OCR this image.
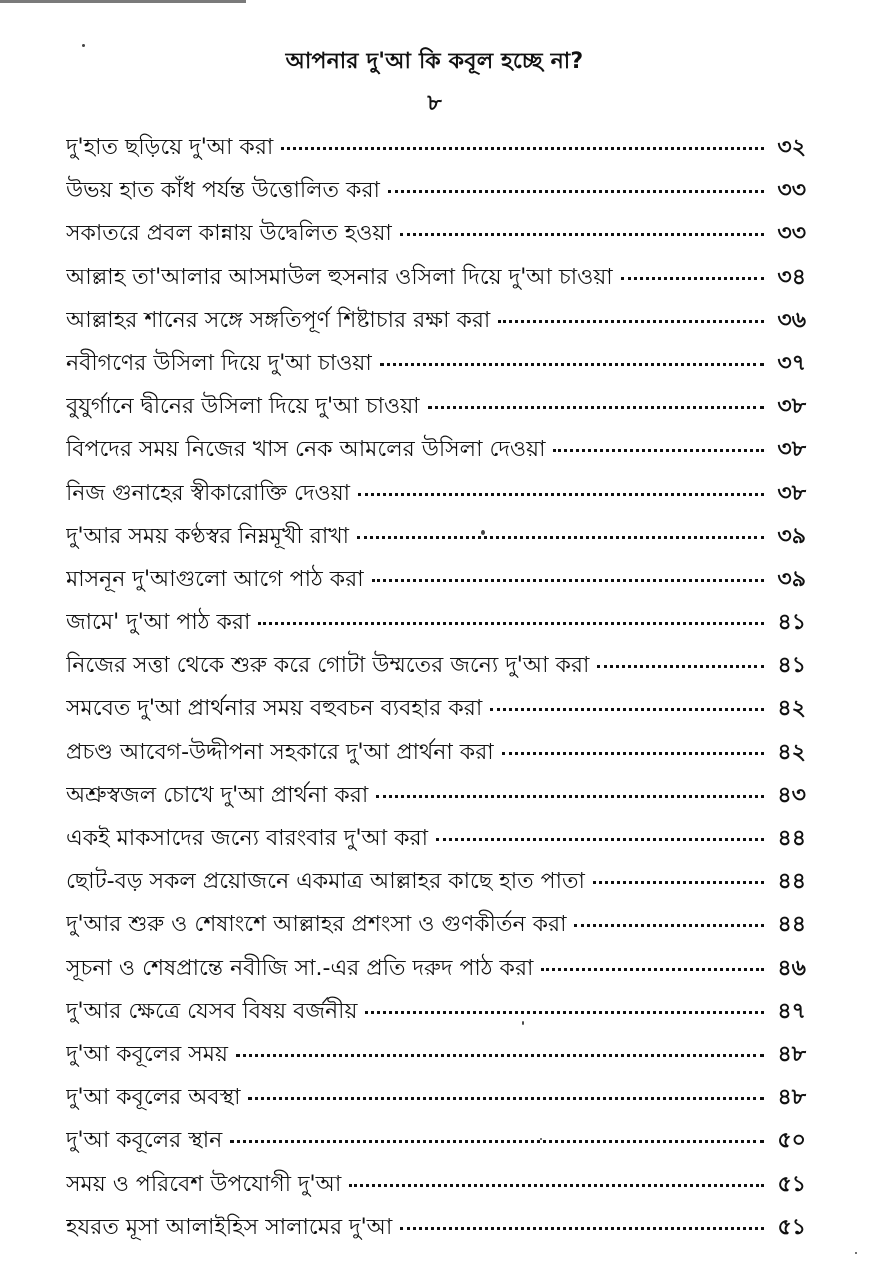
আপনার দু'আ কি কবূল হচ্ছে না?
৮
দু'হাত ছড়িয়ে দু'আ করা	৩২
উভয় হাত কাঁধ পর্যন্ত উত্তোলিত করা	৩৩
সকাতরে প্রবল কান্নায় উদ্বেলিত হওয়া	৩৩
আল্লাহ তা'আলার আসমাউল হুসনার ওসিলা দিয়ে দু'আ চাওয়া	৩৪
আল্লাহর শানের সঙ্গে সঙ্গতিপূর্ণ শিষ্টাচার রক্ষা করা	৩৬
নবীগণের উসিলা দিয়ে দু'আ চাওয়া	৩৭
বুযুর্গানে দ্বীনের উসিলা দিয়ে দু'আ চাওয়া	৩৮
বিপদের সময় নিজের খাস নেক আমলের উসিলা দেওয়া	৩৮
নিজ গুনাহের স্বীকারোক্তি দেওয়া	৩৮
দু'আর সময় কণ্ঠস্বর নিম্নমূখী রাখা	৩৯
মাসনূন দু'আগুলো আগে পাঠ করা	৩৯
জামে' দু'আ পাঠ করা	৪১
নিজের সত্তা থেকে শুরু করে গোটা উম্মতের জন্যে দু'আ করা	৪১
সমবেত দু'আ প্রার্থনার সময় বহুবচন ব্যবহার করা	৪২
প্রচণ্ড আবেগ-উদ্দীপনা সহকারে দু'আ প্রার্থনা করা	৪২
অশ্রুস্বজল চোখে দু'আ প্রার্থনা করা	৪৩
একই মাকসাদের জন্যে বারংবার দু'আ করা	৪৪
ছোট-বড় সকল প্রয়োজনে একমাত্র আল্লাহর কাছে হাত পাতা	৪৪
দু'আর শুরু ও শেষাংশে আল্লাহর প্রশংসা ও গুণকীর্তন করা	৪৪
সূচনা ও শেষপ্রান্তে নবীজি সা.-এর প্রতি দরুদ পাঠ করা	৪৬
দু'আর ক্ষেত্রে যেসব বিষয় বর্জনীয়	৪৭
দু'আ কবূলের সময়	৪৮
দু'আ কবূলের অবস্থা	৪৮
দু'আ কবূলের স্থান	৫০
সময় ও পরিবেশ উপযোগী দু'আ	৫১
হযরত মূসা আলাইহিস সালামের দু'আ	৫১
